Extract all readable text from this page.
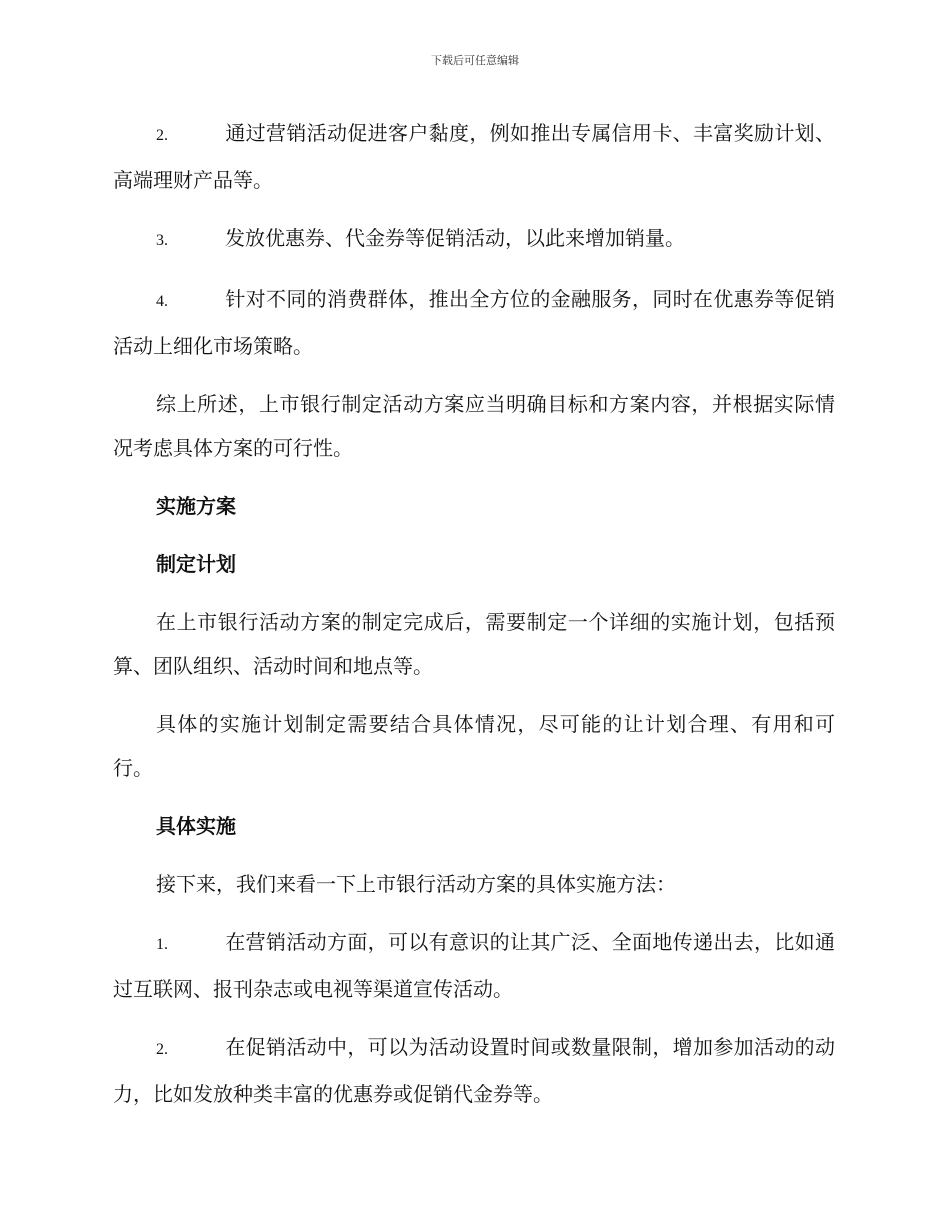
下载后可任意编辑
2.	通过营销活动促进客户黏度，例如推出专属信用卡、丰富奖励计划、高端理财产品等。
3.	发放优惠券、代金券等促销活动，以此来增加销量。
4.	针对不同的消费群体，推出全方位的金融服务，同时在优惠券等促销活动上细化市场策略。

综上所述，上市银行制定活动方案应当明确目标和方案内容，并根据实际情况考虑具体方案的可行性。

实施方案
制定计划

在上市银行活动方案的制定完成后，需要制定一个详细的实施计划，包括预算、团队组织、活动时间和地点等。

具体的实施计划制定需要结合具体情况，尽可能的让计划合理、有用和可行。

具体实施

接下来，我们来看一下上市银行活动方案的具体实施方法：

1.	在营销活动方面，可以有意识的让其广泛、全面地传递出去，比如通过互联网、报刊杂志或电视等渠道宣传活动。
2.	在促销活动中，可以为活动设置时间或数量限制，增加参加活动的动力，比如发放种类丰富的优惠券或促销代金券等。
